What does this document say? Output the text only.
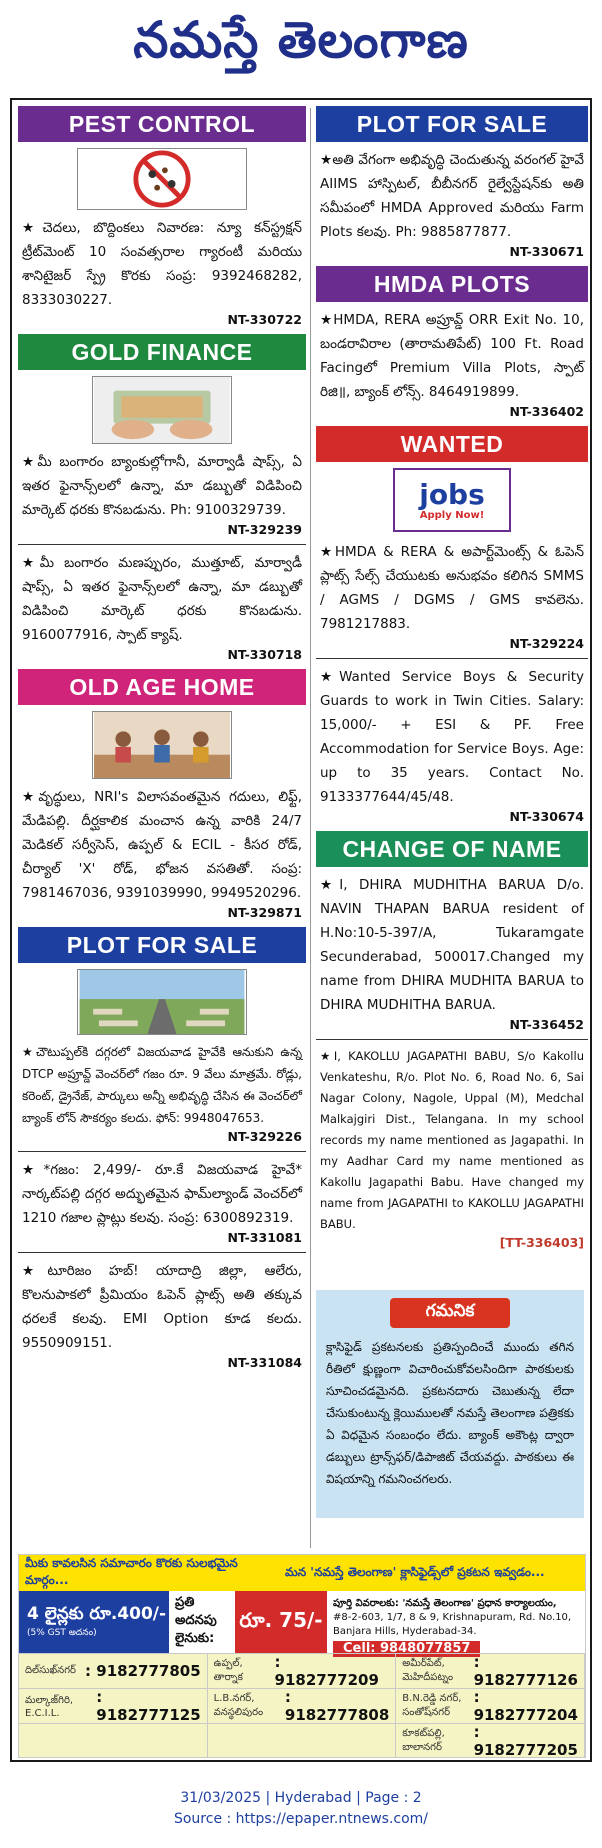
నమస్తే తెలంగాణ
PEST CONTROL
★చెదలు, బొద్దింకలు నివారణ: న్యూ కన్‌స్ట్రక్షన్ ట్రీట్‌మెంట్ 10 సంవత్సరాల గ్యారంటీ మరియు శానిటైజర్ స్ప్రే కొరకు సంప్ర: 9392468282, 8333030227.
NT-330722
GOLD FINANCE
★మీ బంగారం బ్యాంకుల్లోగానీ, మార్వాడీ షాప్స్, ఏ ఇతర ఫైనాన్స్‌లలో ఉన్నా, మా డబ్బుతో విడిపించి మార్కెట్ ధరకు కొనబడును. Ph: 9100329739.
NT-329239
★మీ బంగారం మణప్పురం, ముత్తూట్, మార్వాడీ షాప్స్, ఏ ఇతర ఫైనాన్స్‌లలో ఉన్నా, మా డబ్బుతో విడిపించి మార్కెట్ ధరకు కొనబడును. 9160077916, స్పాట్ క్యాష్.
NT-330718
OLD AGE HOME
★వృద్ధులు, NRI's విలాసవంతమైన గదులు, లిఫ్ట్, మేడిపల్లి. దీర్ఘకాలిక మంచాన ఉన్న వారికి 24/7 మెడికల్ సర్వీసెస్, ఉప్పల్ & ECIL - కీసర రోడ్, చీర్యాల్ 'X' రోడ్, భోజన వసతితో. సంప్ర: 7981467036, 9391039990, 9949520296.
NT-329871
PLOT FOR SALE
★చౌటుప్పల్‌కి దగ్గరలో విజయవాడ హైవేకి ఆనుకుని ఉన్న DTCP అప్రూవ్డ్ వెంచర్‌లో గజం రూ. 9 వేలు మాత్రమే. రోడ్లు, కరెంట్, డ్రైనేజ్, పార్కులు అన్నీ అభివృద్ధి చేసిన ఈ వెంచర్‌లో బ్యాంక్ లోన్ సౌకర్యం కలదు. ఫోన్: 9948047653.
NT-329226
★*గజం: 2,499/- రూ.కే విజయవాడ హైవే* నార్కట్‌పల్లి దగ్గర అద్భుతమైన ఫామ్‌ల్యాండ్ వెంచర్‌లో 1210 గజాల ప్లాట్లు కలవు. సంప్ర: 6300892319.
NT-331081
★టూరిజం హబ్! యాదాద్రి జిల్లా, ఆలేరు, కొలనుపాకలో ప్రీమియం ఓపెన్ ప్లాట్స్ అతి తక్కువ ధరలకే కలవు. EMI Option కూడ కలదు. 9550909151.
NT-331084
PLOT FOR SALE
★అతి వేగంగా అభివృద్ధి చెందుతున్న వరంగల్ హైవే AIIMS హాస్పిటల్, బీబీనగర్ రైల్వేస్టేషన్‌కు అతి సమీపంలో HMDA Approved మరియు Farm Plots కలవు. Ph: 9885877877.
NT-330671
HMDA PLOTS
★HMDA, RERA అప్రూవ్డ్ ORR Exit No. 10, బండరావిరాల (తారామతిపేట్) 100 Ft. Road Facingలో Premium Villa Plots, స్పాట్ రిజి॥, బ్యాంక్ లోన్స్. 8464919899.
NT-336402
WANTED
jobs
Apply Now!
★HMDA & RERA & అపార్ట్‌మెంట్స్ & ఓపెన్ ప్లాట్స్ సేల్స్ చేయుటకు అనుభవం కలిగిన SMMS / AGMS / DGMS / GMS కావలెను. 7981217883.
NT-329224
★Wanted Service Boys & Security Guards to work in Twin Cities. Salary: 15,000/- + ESI & PF. Free Accommodation for Service Boys. Age: up to 35 years. Contact No. 9133377644/45/48.
NT-330674
CHANGE OF NAME
★I, DHIRA MUDHITHA BARUA D/o. NAVIN THAPAN BARUA resident of H.No:10-5-397/A, Tukaramgate Secunderabad, 500017.Changed my name from DHIRA MUDHITA BARUA to DHIRA MUDHITHA BARUA.
NT-336452
★I, KAKOLLU JAGAPATHI BABU, S/o Kakollu Venkateshu, R/o. Plot No. 6, Road No. 6, Sai Nagar Colony, Nagole, Uppal (M), Medchal Malkajgiri Dist., Telangana. In my school records my name mentioned as Jagapathi. In my Aadhar Card my name mentioned as Kakollu Jagapathi Babu. Have changed my name from JAGAPATHI to KAKOLLU JAGAPATHI BABU.
[TT-336403]
గమనిక
క్లాసిఫైడ్ ప్రకటనలకు ప్రతిస్పందించే ముందు తగిన రీతిలో క్షుణ్ణంగా విచారించుకోవలసిందిగా పాఠకులకు సూచించడమైనది. ప్రకటనదారు చెబుతున్న లేదా చేసుకుంటున్న క్లెయిములతో నమస్తే తెలంగాణ పత్రికకు ఏ విధమైన సంబంధం లేదు. బ్యాంక్ అకౌంట్ల ద్వారా డబ్బులు ట్రాన్స్‌ఫర్/డిపాజిట్ చేయవద్దు. పాఠకులు ఈ విషయాన్ని గమనించగలరు.
మీకు కావలసిన సమాచారం కొరకు సులభమైన మార్గం...
మన 'నమస్తే తెలంగాణ' క్లాసిఫైడ్స్‌లో ప్రకటన ఇవ్వడం...
4 లైన్లకు రూ.400/-
(5% GST అదనం)
ప్రతి అదనపు లైనుకు:
రూ. 75/-
పూర్తి వివరాలకు: 'నమస్తే తెలంగాణ' ప్రధాన కార్యాలయం,
#8-2-603, 1/7, 8 & 9, Krishnapuram, Rd. No.10, Banjara Hills, Hyderabad-34.
Cell: 9848077857
దిల్‌సుఖ్‌నగర్ : 9182777805 ఉప్పల్, తార్నాక
: 9182777209
అమీర్‌పేట్, మెహిదీపట్నం
: 9182777126
మల్కాజ్‌గిరి, E.C.I.L.
: 9182777125
L.B.నగర్, వనస్థలిపురం
: 9182777808
B.N.రెడ్డి నగర్, సంతోష్‌నగర్
: 9182777204
కూకట్‌పల్లి, బాలానగర్
: 9182777205
31/03/2025 | Hyderabad | Page : 2
Source : https://epaper.ntnews.com/
